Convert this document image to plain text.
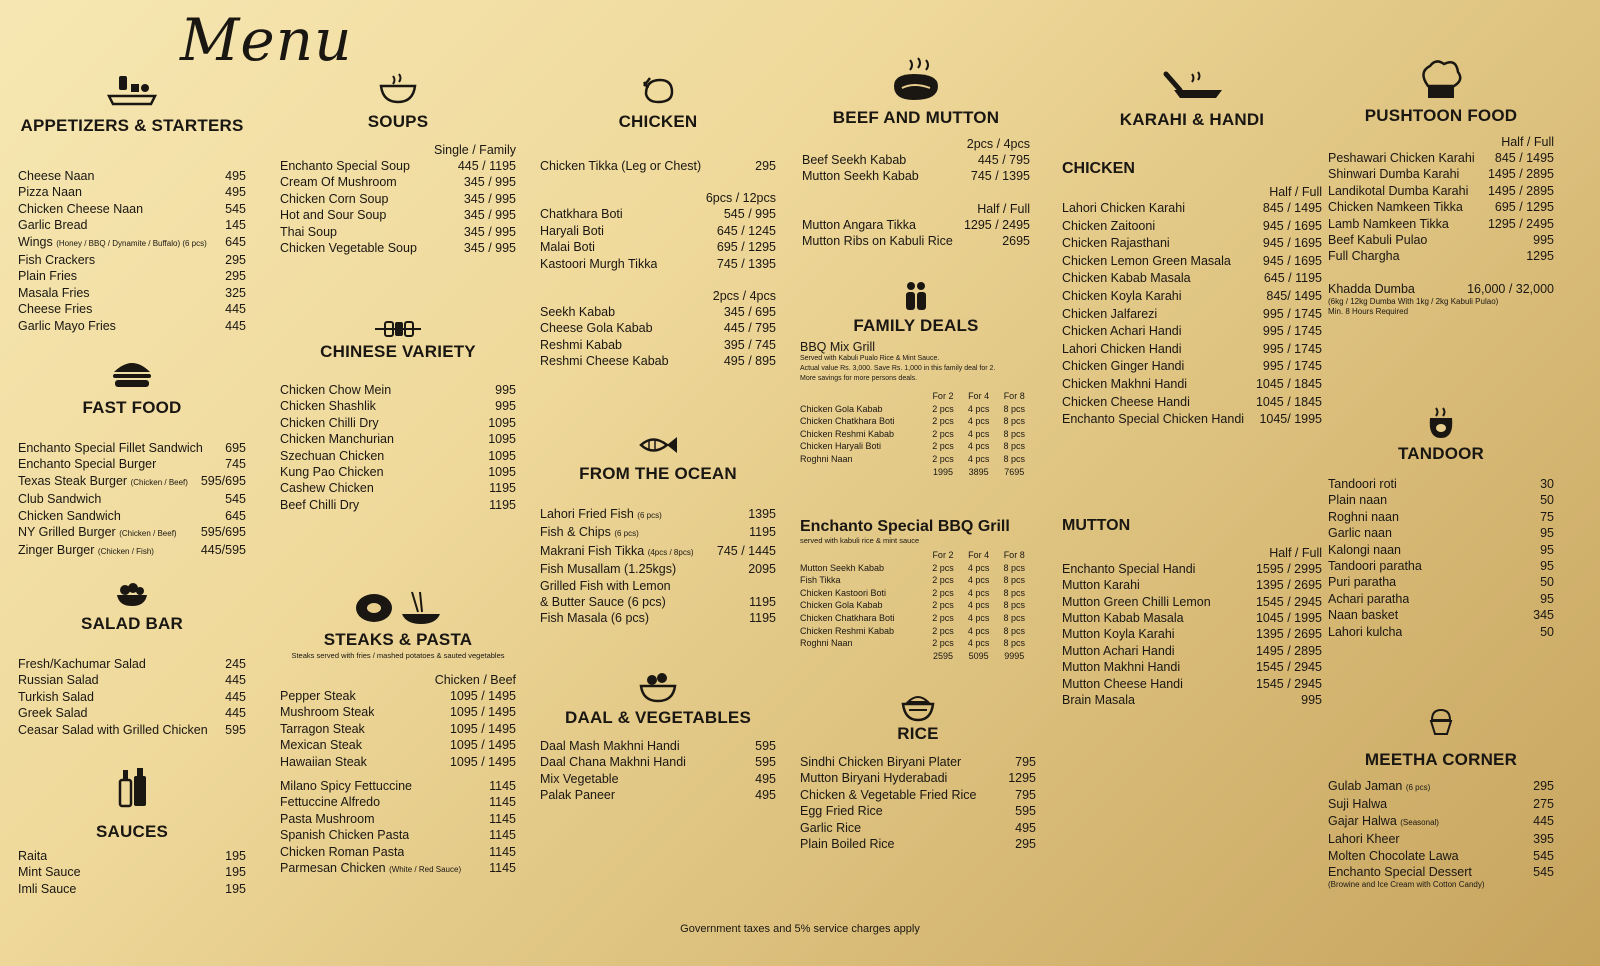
Menu
APPETIZERS & STARTERS
Cheese Naan	495
Pizza Naan	495
Chicken Cheese Naan	545
Garlic Bread	145
Wings (Honey / BBQ / Dynamite / Buffalo) (6 pcs) 645
Fish Crackers	295
Plain Fries	295
Masala Fries	325
Cheese Fries	445
Garlic Mayo Fries	445
FAST FOOD
Enchanto Special Fillet Sandwich 695
Enchanto Special Burger	745
Texas Steak Burger (Chicken / Beef) 595/695
Club Sandwich	545
Chicken Sandwich	645
NY Grilled Burger (Chicken / Beef) 595/695
Zinger Burger (Chicken / Fish)	445/595
SALAD BAR
Fresh/Kachumar Salad	245
Russian Salad	445
Turkish Salad	445
Greek Salad	445
Ceasar Salad with Grilled Chicken 595
SAUCES
Raita	195
Mint Sauce	195
Imli Sauce	195
SOUPS
Single / Family
Enchanto Special Soup	445 / 1195
Cream Of Mushroom	345 / 995
Chicken Corn Soup	345 / 995
Hot and Sour Soup	345 / 995
Thai Soup	345 / 995
Chicken Vegetable Soup	345 / 995
CHINESE VARIETY
Chicken Chow Mein	995
Chicken Shashlik	995
Chicken Chilli Dry	1095
Chicken Manchurian	1095
Szechuan Chicken	1095
Kung Pao Chicken	1095
Cashew Chicken	1195
Beef Chilli Dry	1195
STEAKS & PASTA
Steaks served with fries / mashed potatoes & sauted vegetables
Chicken / Beef
Pepper Steak	1095 / 1495
Mushroom Steak	1095 / 1495
Tarragon Steak	1095 / 1495
Mexican Steak	1095 / 1495
Hawaiian Steak	1095 / 1495
Milano Spicy Fettuccine	1145
Fettuccine Alfredo	1145
Pasta Mushroom	1145
Spanish Chicken Pasta	1145
Chicken Roman Pasta	1145
Parmesan Chicken (White / Red Sauce) 1145
CHICKEN
Chicken Tikka (Leg or Chest)	295
6pcs / 12pcs
Chatkhara Boti	545 / 995
Haryali Boti	645 / 1245
Malai Boti	695 / 1295
Kastoori Murgh Tikka	745 / 1395
2pcs / 4pcs
Seekh Kabab	345 / 695
Cheese Gola Kabab	445 / 795
Reshmi Kabab	395 / 745
Reshmi Cheese Kabab	495 / 895
FROM THE OCEAN
Lahori Fried Fish (6 pcs)	1395
Fish & Chips (6 pcs)	1195
Makrani Fish Tikka (4pcs / 8pcs) 745 / 1445
Fish Musallam (1.25kgs)	2095
Grilled Fish with Lemon
& Butter Sauce (6 pcs)	1195
Fish Masala (6 pcs)	1195
DAAL & VEGETABLES
Daal Mash Makhni Handi	595
Daal Chana Makhni Handi	595
Mix Vegetable	495
Palak Paneer	495
BEEF AND MUTTON
2pcs / 4pcs
Beef Seekh Kabab	445 / 795
Mutton Seekh Kabab	745 / 1395
Half / Full
Mutton Angara Tikka	1295 / 2495
Mutton Ribs on Kabuli Rice	2695
FAMILY DEALS
BBQ Mix Grill
Served with Kabuli Pualo Rice & Mint Sauce.
Actual value Rs. 3,000. Save Rs. 1,000 in this family deal for 2.
More savings for more persons deals.
For 2	For 4	For 8
Chicken Gola Kabab	2 pcs	4 pcs	8 pcs
Chicken Chatkhara Boti	2 pcs	4 pcs	8 pcs
Chicken Reshmi Kabab	2 pcs	4 pcs	8 pcs
Chicken Haryali Boti	2 pcs	4 pcs	8 pcs
Roghni Naan	2 pcs	4 pcs	8 pcs
1995	3895	7695
Enchanto Special BBQ Grill
served with kabuli rice & mint sauce
For 2	For 4	For 8
Mutton Seekh Kabab	2 pcs	4 pcs	8 pcs
Fish Tikka	2 pcs	4 pcs	8 pcs
Chicken Kastoori Boti	2 pcs	4 pcs	8 pcs
Chicken Gola Kabab	2 pcs	4 pcs	8 pcs
Chicken Chatkhara Boti	2 pcs	4 pcs	8 pcs
Chicken Reshmi Kabab	2 pcs	4 pcs	8 pcs
Roghni Naan	2 pcs	4 pcs	8 pcs
2595	5095	9995
RICE
Sindhi Chicken Biryani Plater	795
Mutton Biryani Hyderabadi	1295
Chicken & Vegetable Fried Rice	795
Egg Fried Rice	595
Garlic Rice	495
Plain Boiled Rice	295
KARAHI & HANDI
CHICKEN
Half / Full
Lahori Chicken Karahi	845 / 1495
Chicken Zaitooni	945 / 1695
Chicken Rajasthani	945 / 1695
Chicken Lemon Green Masala	945 / 1695
Chicken Kabab Masala	645 / 1195
Chicken Koyla Karahi	845/ 1495
Chicken Jalfarezi	995 / 1745
Chicken Achari Handi	995 / 1745
Lahori Chicken Handi	995 / 1745
Chicken Ginger Handi	995 / 1745
Chicken Makhni Handi	1045 / 1845
Chicken Cheese Handi	1045 / 1845
Enchanto Special Chicken Handi 1045/ 1995
MUTTON
Half / Full
Enchanto Special Handi	1595 / 2995
Mutton Karahi	1395 / 2695
Mutton Green Chilli Lemon	1545 / 2945
Mutton Kabab Masala	1045 / 1995
Mutton Koyla Karahi	1395 / 2695
Mutton Achari Handi	1495 / 2895
Mutton Makhni Handi	1545 / 2945
Mutton Cheese Handi	1545 / 2945
Brain Masala	995
PUSHTOON FOOD
Half / Full
Peshawari Chicken Karahi 845 / 1495
Shinwari Dumba Karahi 1495 / 2895
Landikotal Dumba Karahi 1495 / 2895
Chicken Namkeen Tikka	695 / 1295
Lamb Namkeen Tikka	1295 / 2495
Beef Kabuli Pulao	995
Full Chargha	1295
Khadda Dumba	16,000 / 32,000
(6kg / 12kg Dumba With 1kg / 2kg Kabuli Pulao)
Min. 8 Hours Required
TANDOOR
Tandoori roti	30
Plain naan	50
Roghni naan	75
Garlic naan	95
Kalongi naan	95
Tandoori paratha	95
Puri paratha	50
Achari paratha	95
Naan basket	345
Lahori kulcha	50
MEETHA CORNER
Gulab Jaman (6 pcs)	295
Suji Halwa	275
Gajar Halwa (Seasonal)	445
Lahori Kheer	395
Molten Chocolate Lawa	545
Enchanto Special Dessert	545
(Browine and Ice Cream with Cotton Candy)
Government taxes and 5% service charges apply
